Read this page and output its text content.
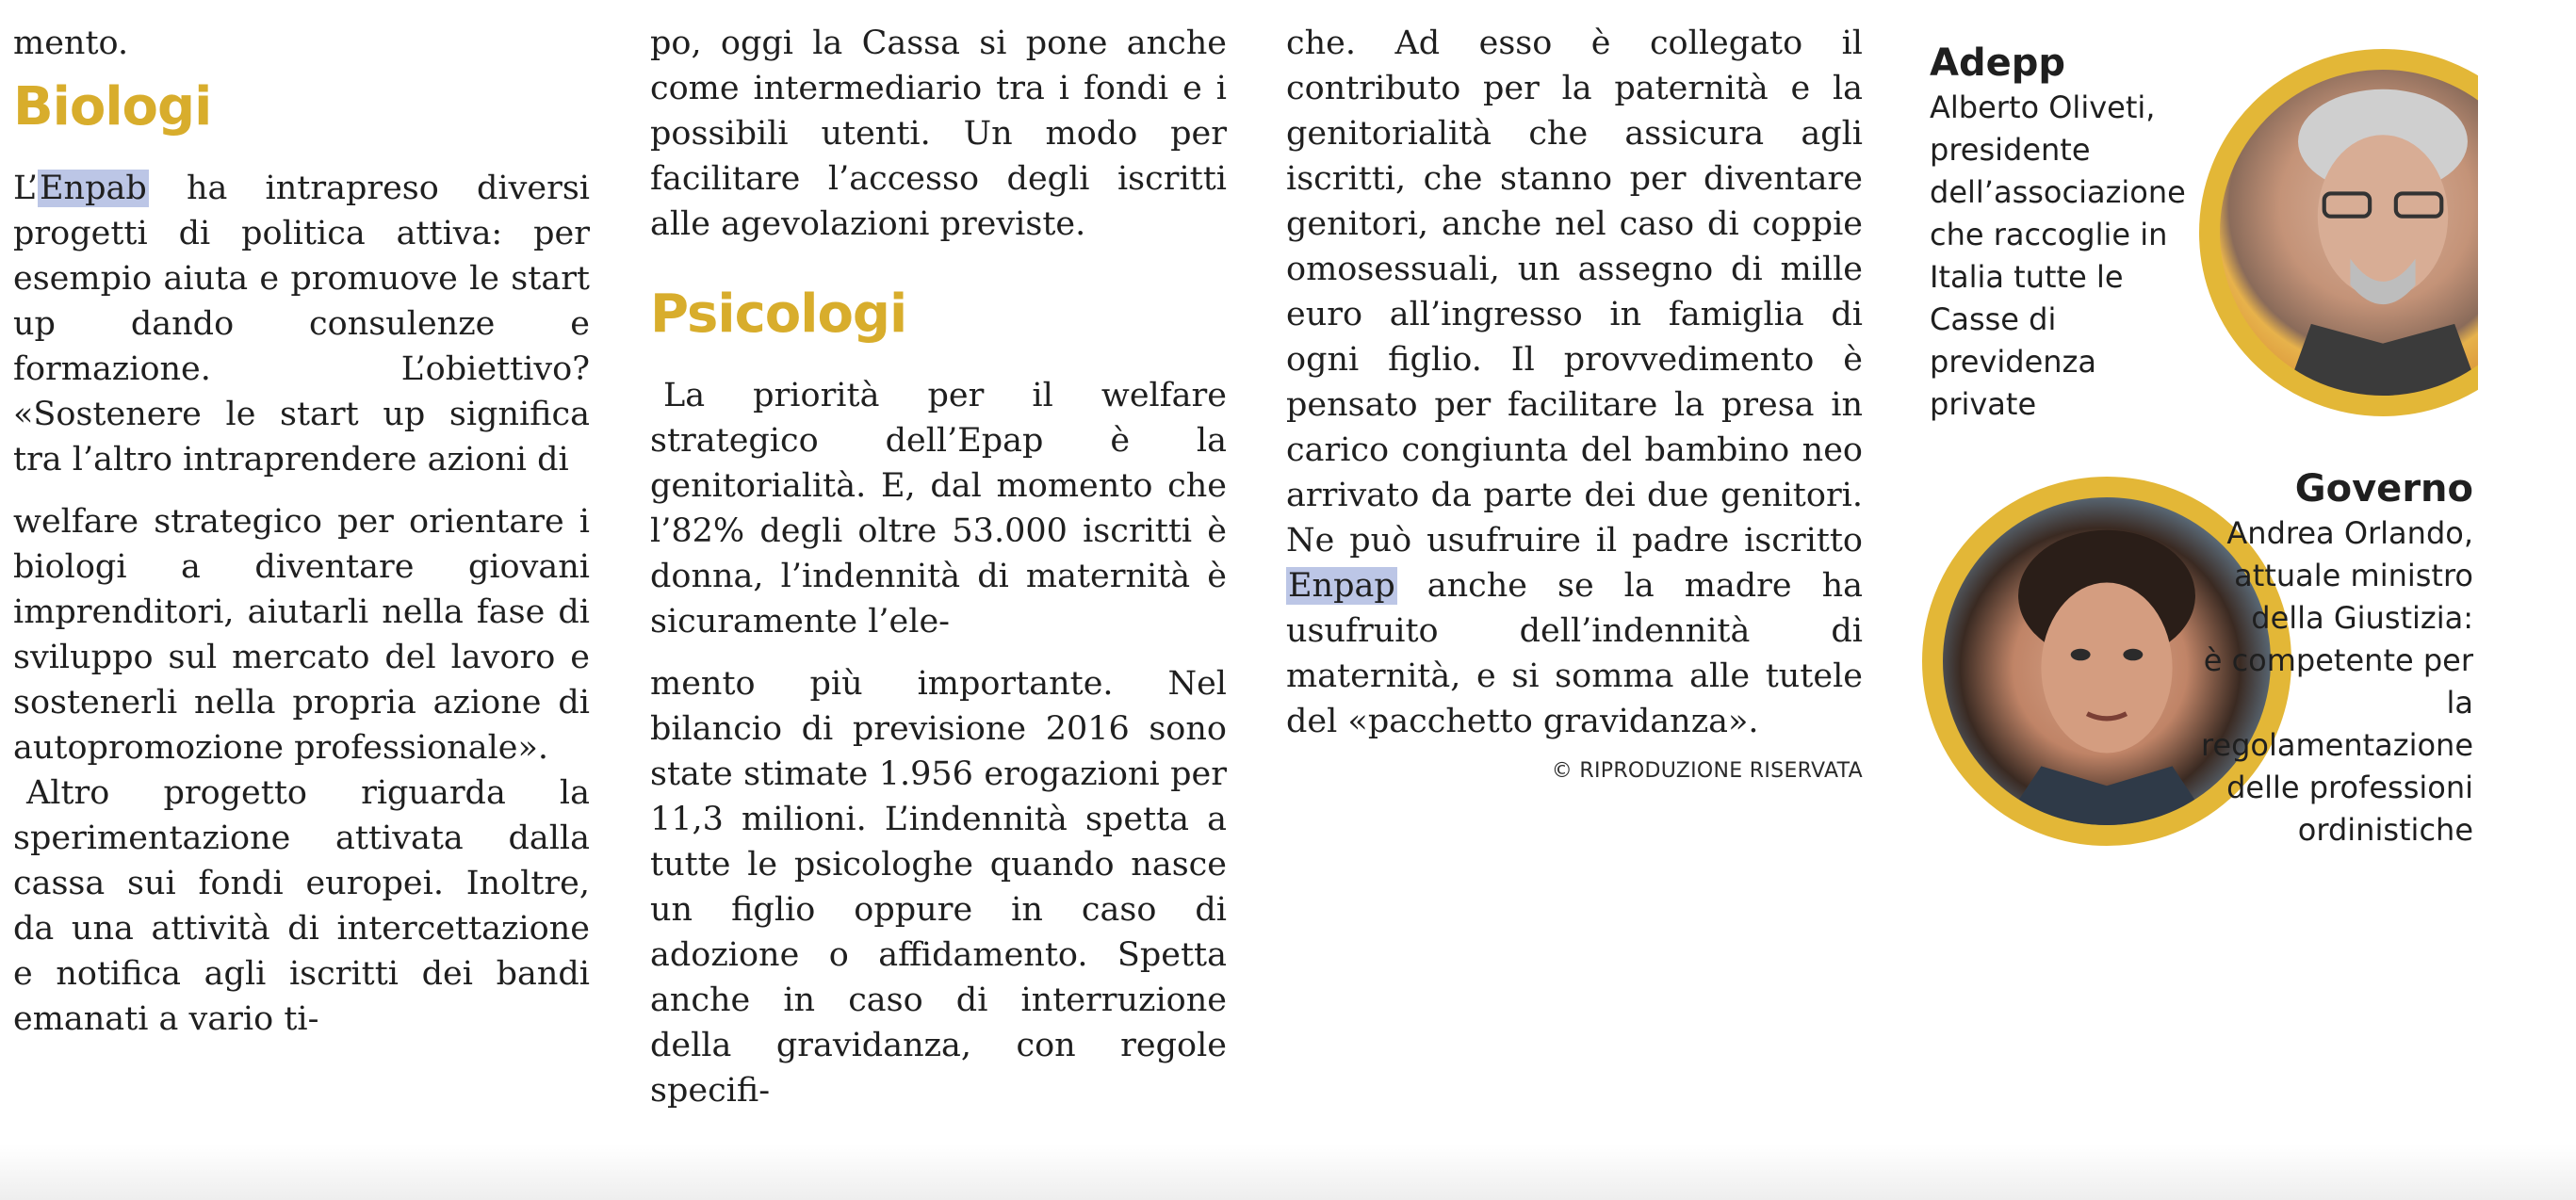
mento.

Biologi

L’Enpab ha intrapreso diversi progetti di politica attiva: per esempio aiuta e promuove le start up dando consulenze e formazione. L’obiettivo? «Sostenere le start up significa tra l’altro intraprendere azioni di

welfare strategico per orientare i biologi a diventare giovani imprenditori, aiutarli nella fase di sviluppo sul mercato del lavoro e sostenerli nella propria azione di autopromozione professionale».

Altro progetto riguarda la sperimentazione attivata dalla cassa sui fondi europei. Inoltre, da una attività di intercettazione e notifica agli iscritti dei bandi emanati a vario ti-

po, oggi la Cassa si pone anche come intermediario tra i fondi e i possibili utenti. Un modo per facilitare l’accesso degli iscritti alle agevolazioni previste.

Psicologi

La priorità per il welfare strategico dell’Epap è la genitorialità. E, dal momento che l’82% degli oltre 53.000 iscritti è donna, l’indennità di maternità è sicuramente l’ele-

mento più importante. Nel bilancio di previsione 2016 sono state stimate 1.956 erogazioni per 11,3 milioni. L’indennità spetta a tutte le psicologhe quando nasce un figlio oppure in caso di adozione o affidamento. Spetta anche in caso di interruzione della gravidanza, con regole specifi-

che. Ad esso è collegato il contributo per la paternità e la genitorialità che assicura agli iscritti, che stanno per diventare genitori, anche nel caso di coppie omosessuali, un assegno di mille euro all’ingresso in famiglia di ogni figlio. Il provvedimento è pensato per facilitare la presa in carico congiunta del bambino neo arrivato da parte dei due genitori. Ne può usufruire il padre iscritto Enpap anche se la madre ha usufruito dell’indennità di maternità, e si somma alle tutele del «pacchetto gravidanza».

© RIPRODUZIONE RISERVATA
Adepp

Alberto Oliveti,

presidente

dell’associazione

che raccoglie in

Italia tutte le

Casse di

previdenza

private

Governo

Andrea Orlando,

attuale ministro

della Giustizia:

è competente per

la

regolamentazione

delle professioni

ordinistiche
